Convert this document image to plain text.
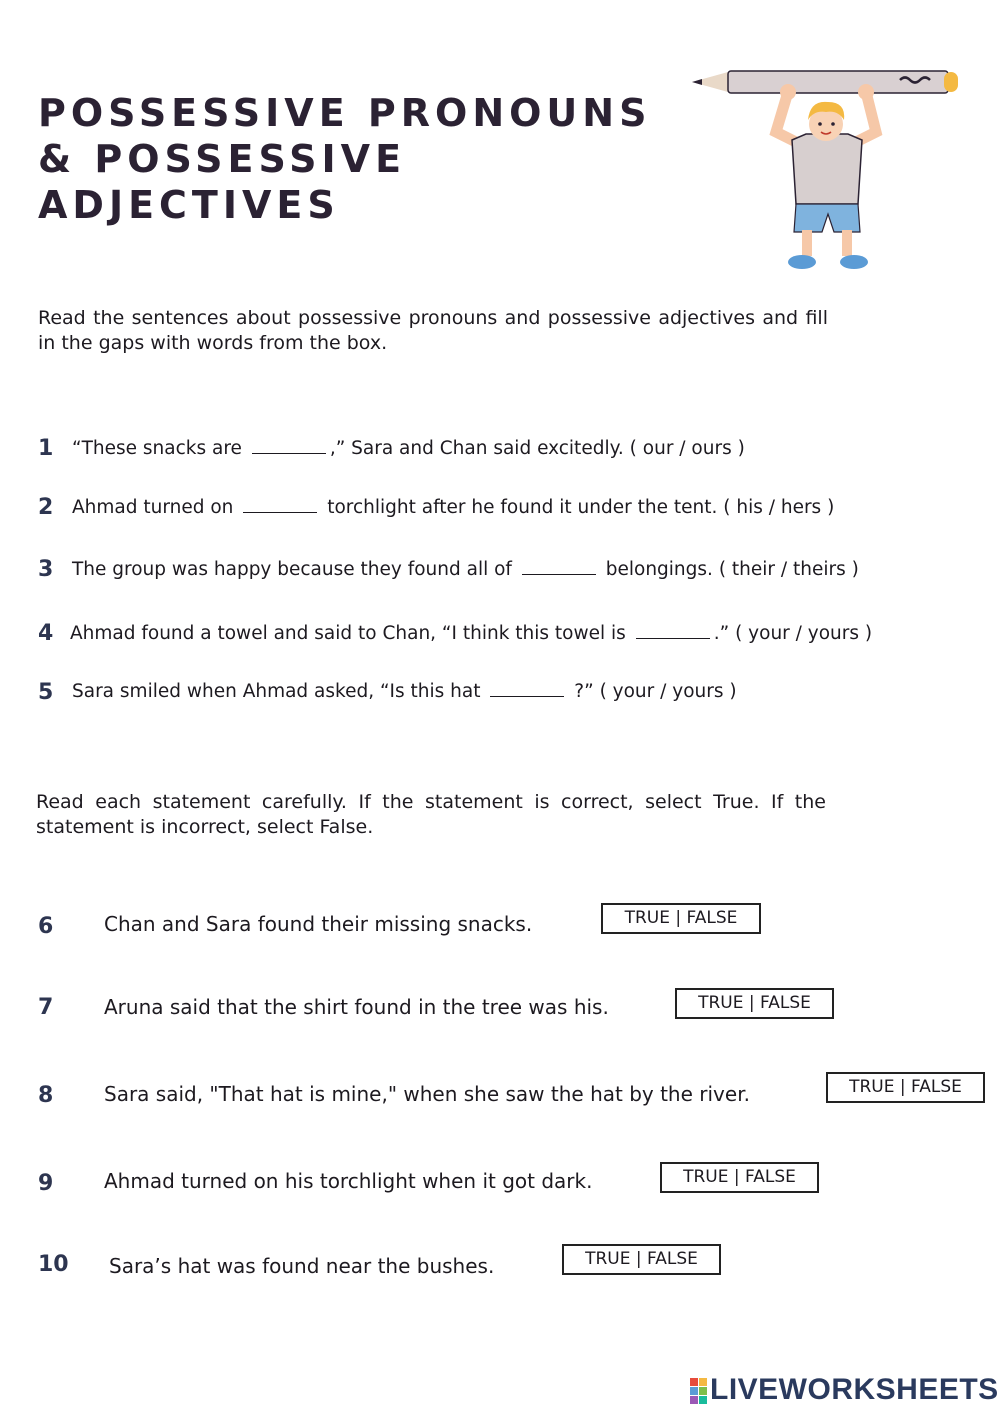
POSSESSIVE PRONOUNS
& POSSESSIVE
ADJECTIVES

Read the sentences about possessive pronouns and possessive adjectives and fill in the gaps with words from the box.

1 “These snacks are	,” Sara and Chan said excitedly. ( our / ours )
2 Ahmad turned on	torchlight after he found it under the tent. ( his / hers )
3 The group was happy because they found all of	belongings. ( their / theirs )
4 Ahmad found a towel and said to Chan, “I think this towel is	.” ( your / yours )
5 Sara smiled when Ahmad asked, “Is this hat	?” ( your / yours )

Read each statement carefully. If the statement is correct, select True. If the statement is incorrect, select False.

6	Chan and Sara found their missing snacks.	TRUE | FALSE
7	Aruna said that the shirt found in the tree was his.	TRUE | FALSE
8	Sara said, "That hat is mine," when she saw the hat by the river.	TRUE | FALSE
9	Ahmad turned on his torchlight when it got dark.	TRUE | FALSE
10 Sara’s hat was found near the bushes.	TRUE | FALSE
LIVEWORKSHEETS
